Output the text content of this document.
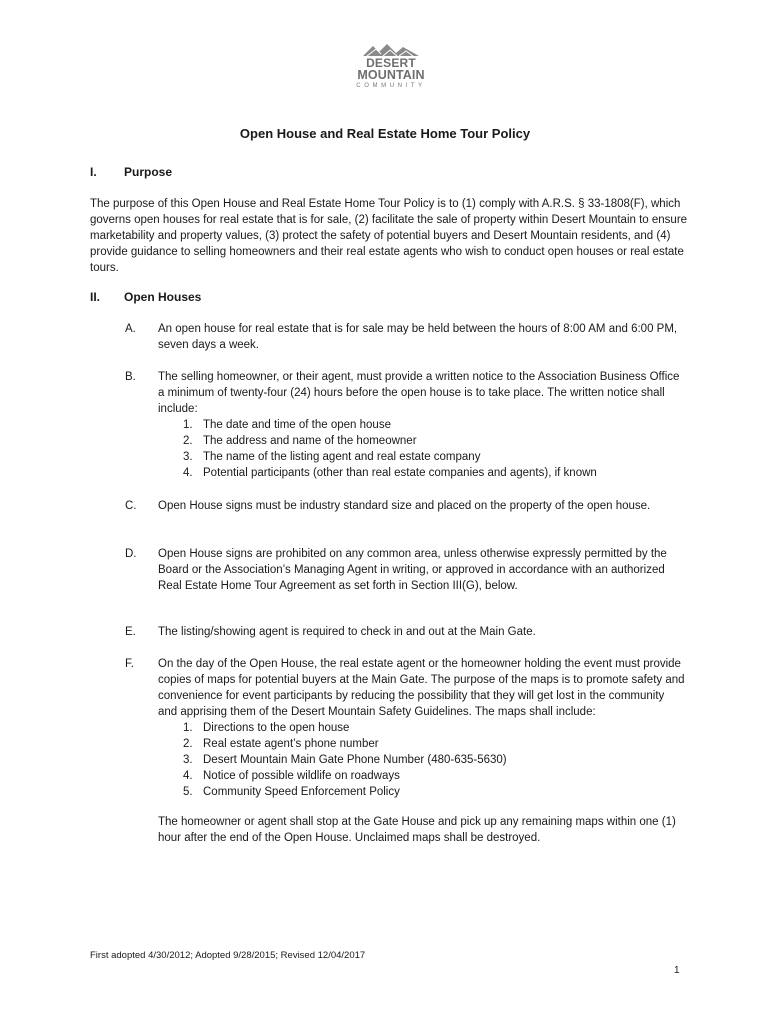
DESERT
MOUNTAIN
COMMUNITY
Open House and Real Estate Home Tour Policy
I. Purpose
The purpose of this Open House and Real Estate Home Tour Policy is to (1) comply with A.R.S. § 33-1808(F), which governs open houses for real estate that is for sale, (2) facilitate the sale of property within Desert Mountain to ensure marketability and property values, (3) protect the safety of potential buyers and Desert Mountain residents, and (4) provide guidance to selling homeowners and their real estate agents who wish to conduct open houses or real estate tours.
II. Open Houses
A. An open house for real estate that is for sale may be held between the hours of 8:00 AM and 6:00 PM, seven days a week.
B. The selling homeowner, or their agent, must provide a written notice to the Association Business Office a minimum of twenty-four (24) hours before the open house is to take place. The written notice shall include:
1. The date and time of the open house
2. The address and name of the homeowner
3. The name of the listing agent and real estate company
4. Potential participants (other than real estate companies and agents), if known
C. Open House signs must be industry standard size and placed on the property of the open house.
D. Open House signs are prohibited on any common area, unless otherwise expressly permitted by the Board or the Association’s Managing Agent in writing, or approved in accordance with an authorized Real Estate Home Tour Agreement as set forth in Section III(G), below.
E. The listing/showing agent is required to check in and out at the Main Gate.
F. On the day of the Open House, the real estate agent or the homeowner holding the event must provide copies of maps for potential buyers at the Main Gate. The purpose of the maps is to promote safety and convenience for event participants by reducing the possibility that they will get lost in the community and apprising them of the Desert Mountain Safety Guidelines. The maps shall include:
1. Directions to the open house
2. Real estate agent’s phone number
3. Desert Mountain Main Gate Phone Number (480-635-5630)
4. Notice of possible wildlife on roadways
5. Community Speed Enforcement Policy
The homeowner or agent shall stop at the Gate House and pick up any remaining maps within one (1) hour after the end of the Open House. Unclaimed maps shall be destroyed.
First adopted 4/30/2012; Adopted 9/28/2015; Revised 12/04/2017
1
